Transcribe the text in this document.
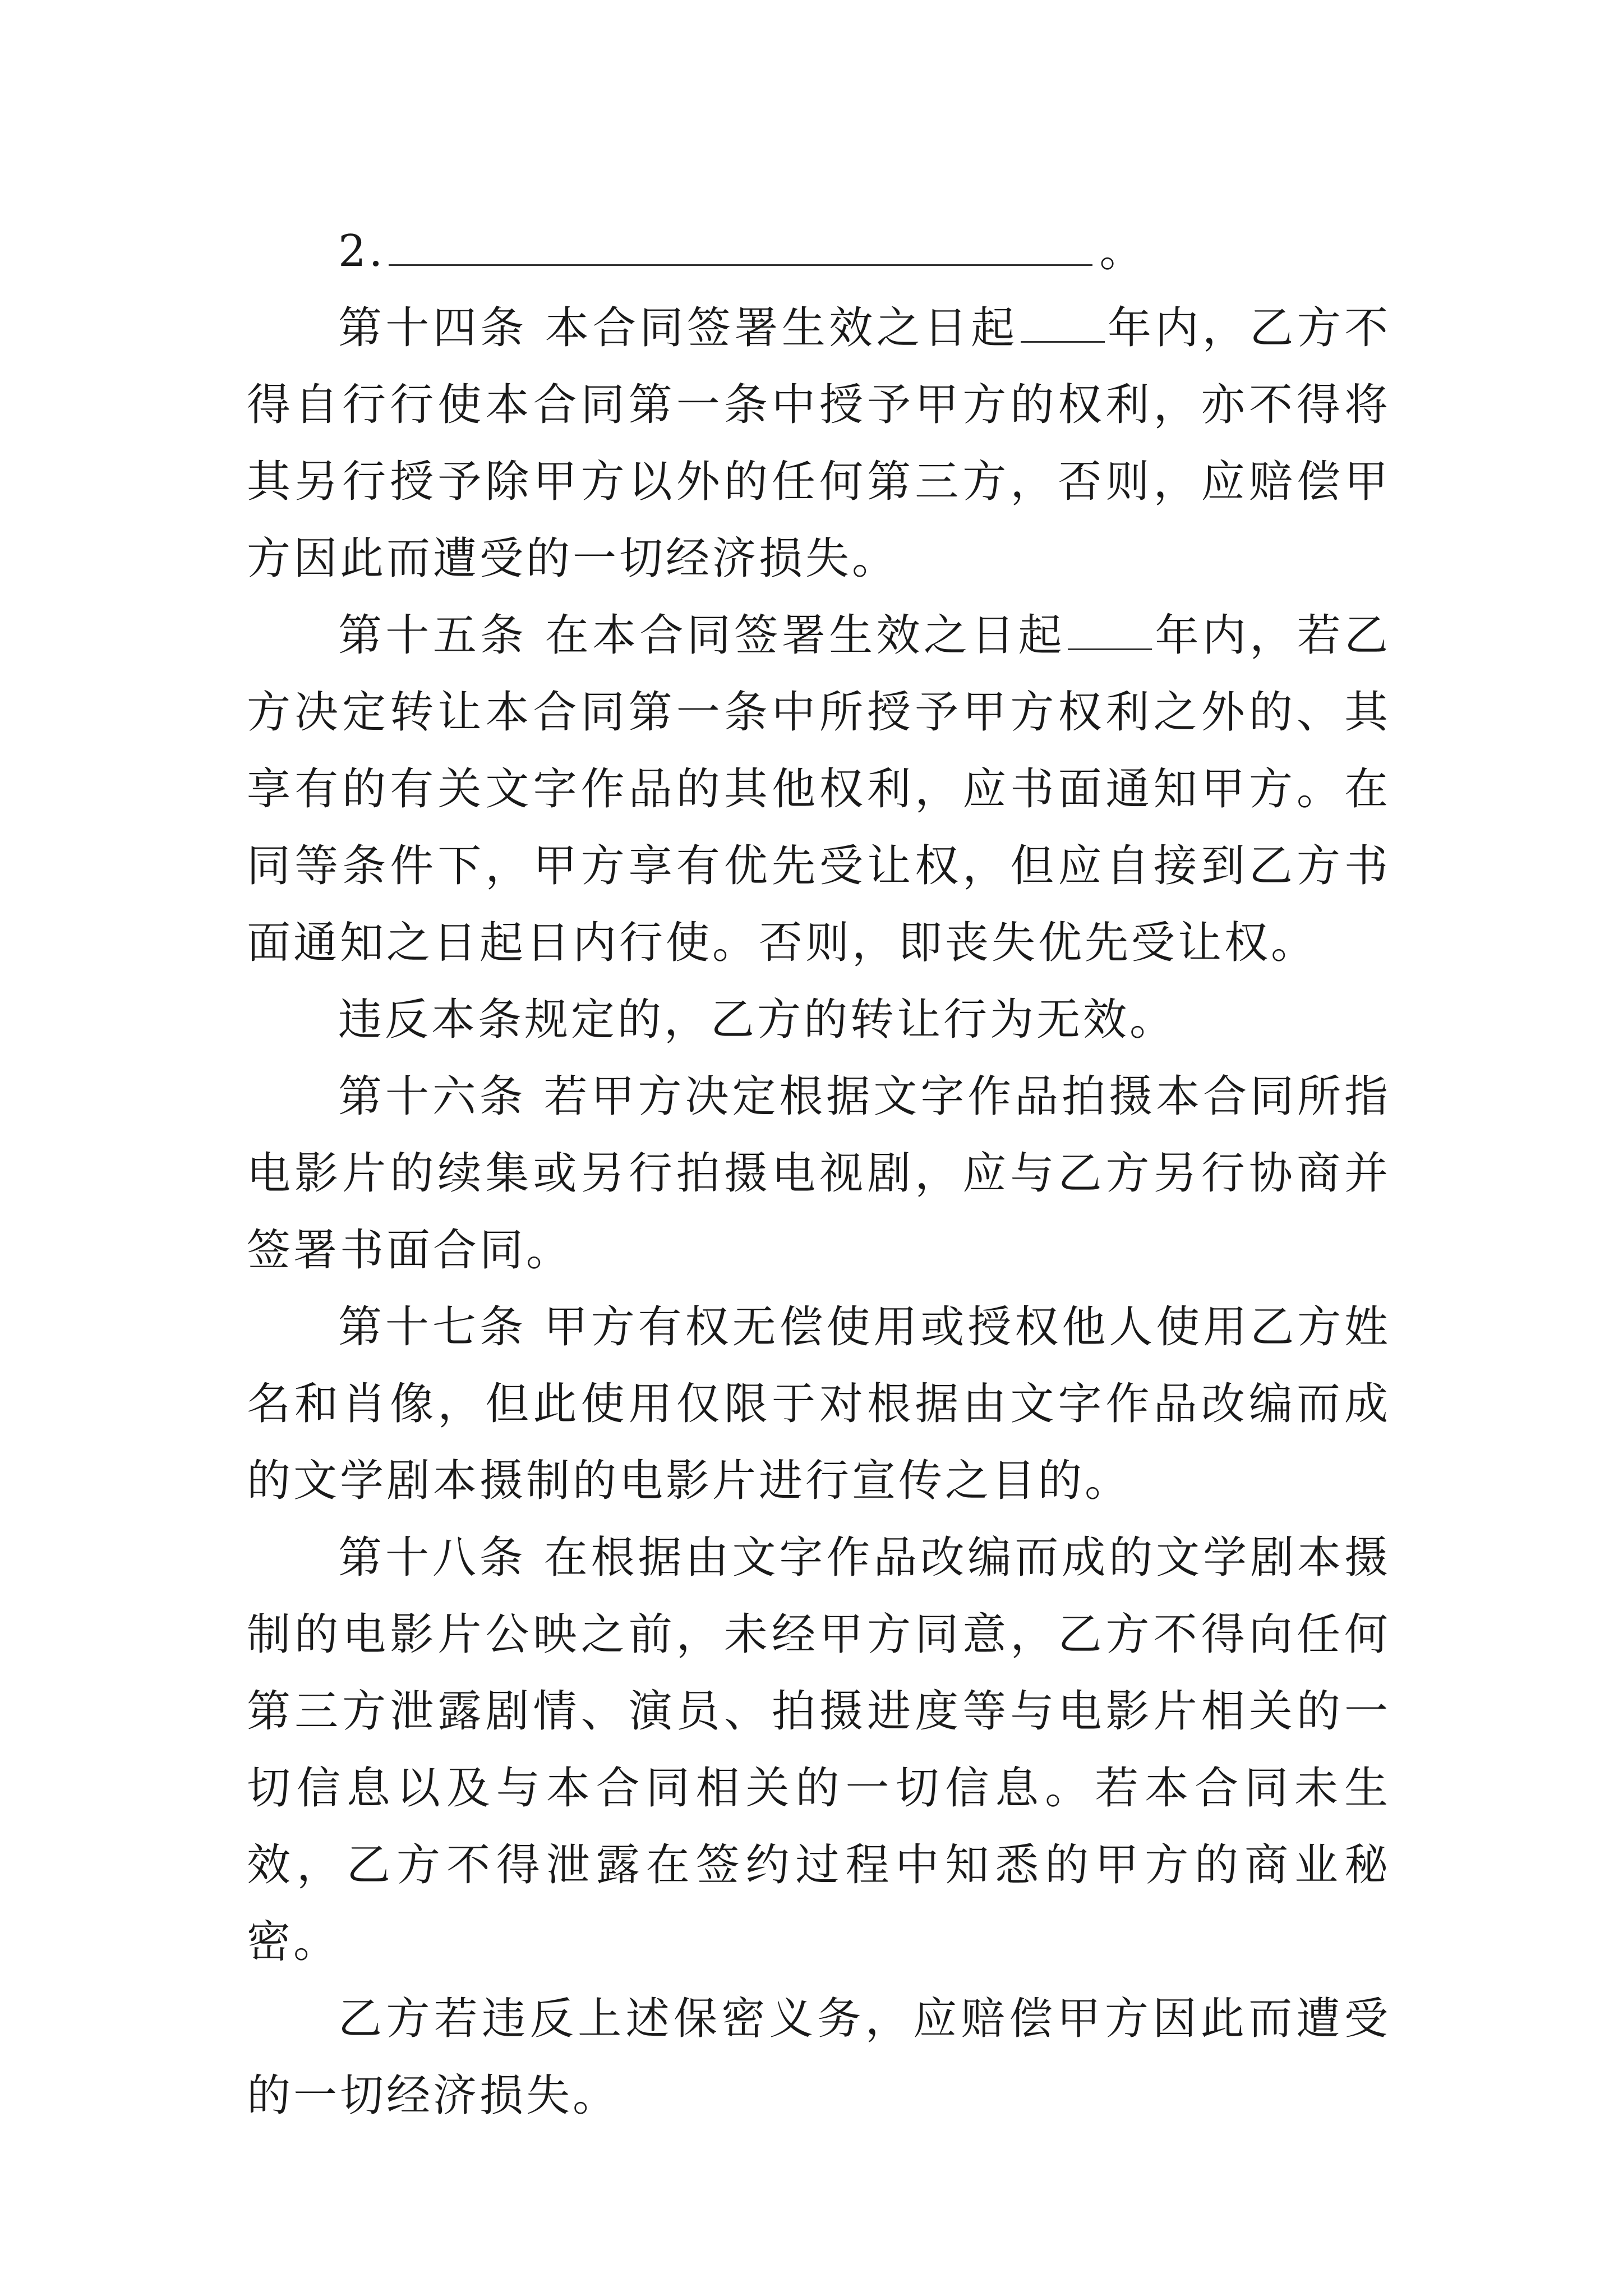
2.	。

第十四条 本合同签署生效之日起 年内，乙方不得自行行使本合同第一条中授予甲方的权利，亦不得将其另行授予除甲方以外的任何第三方，否则，应赔偿甲方因此而遭受的一切经济损失。

第十五条 在本合同签署生效之日起 年内，若乙方决定转让本合同第一条中所授予甲方权利之外的、其享有的有关文字作品的其他权利，应书面通知甲方。在同等条件下，甲方享有优先受让权，但应自接到乙方书面通知之日起日内行使。否则，即丧失优先受让权。

违反本条规定的，乙方的转让行为无效。

第十六条 若甲方决定根据文字作品拍摄本合同所指电影片的续集或另行拍摄电视剧，应与乙方另行协商并签署书面合同。

第十七条 甲方有权无偿使用或授权他人使用乙方姓名和肖像，但此使用仅限于对根据由文字作品改编而成的文学剧本摄制的电影片进行宣传之目的。

第十八条 在根据由文字作品改编而成的文学剧本摄制的电影片公映之前，未经甲方同意，乙方不得向任何第三方泄露剧情、演员、拍摄进度等与电影片相关的一切信息以及与本合同相关的一切信息。若本合同未生效，乙方不得泄露在签约过程中知悉的甲方的商业秘密。

乙方若违反上述保密义务，应赔偿甲方因此而遭受的一切经济损失。
